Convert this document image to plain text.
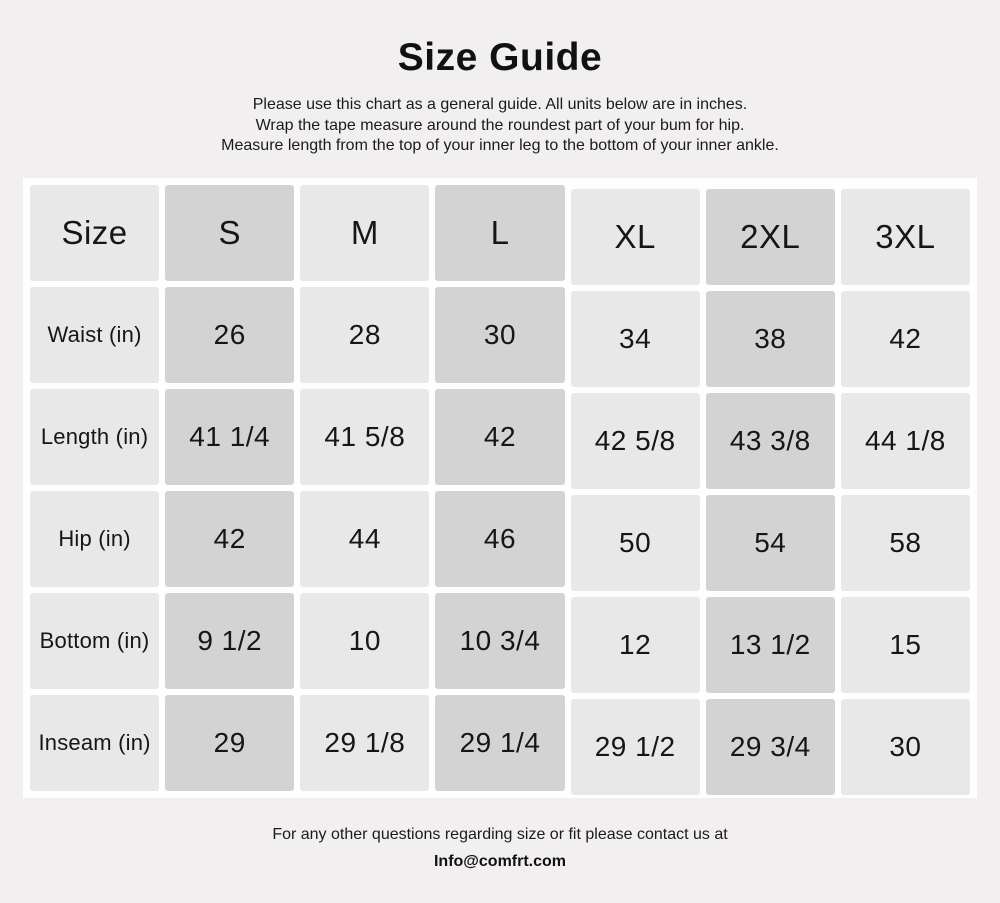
Size Guide
Please use this chart as a general guide. All units below are in inches.
Wrap the tape measure around the roundest part of your bum for hip.
Measure length from the top of your inner leg to the bottom of your inner ankle.
Size	S	M	L	XL	2XL	3XL
Waist (in)	26	28	30	34	38	42
Length (in)	41 1/4	41 5/8	42	42 5/8	43 3/8	44 1/8
Hip (in)	42	44	46	50	54	58
Bottom (in)	9 1/2	10	10 3/4	12	13 1/2	15
Inseam (in)	29	29 1/8	29 1/4	29 1/2	29 3/4	30
For any other questions regarding size or fit please contact us at
Info@comfrt.com
